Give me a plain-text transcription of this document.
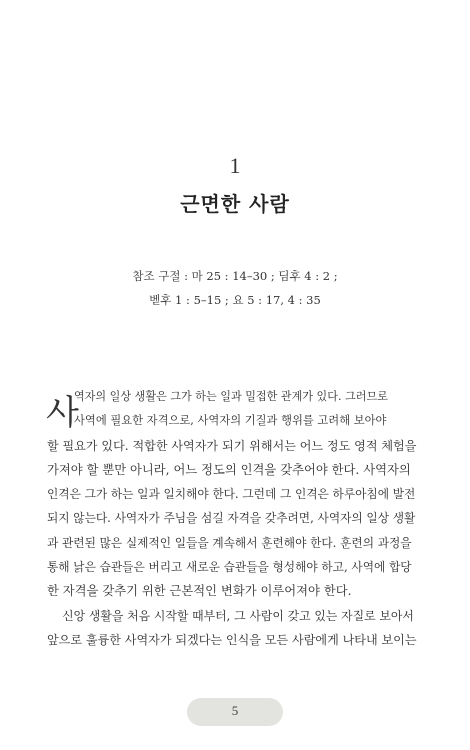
1
근면한 사람
참조 구절 : 마 25 : 14–30 ; 딤후 4 : 2 ;
벧후 1 : 5–15 ; 요 5 : 17, 4 : 35
사
역자의 일상 생활은 그가 하는 일과 밀접한 관계가 있다. 그러므로
사역에 필요한 자격으로, 사역자의 기질과 행위를 고려해 보아야
할 필요가 있다. 적합한 사역자가 되기 위해서는 어느 정도 영적 체험을
가져야 할 뿐만 아니라, 어느 정도의 인격을 갖추어야 한다. 사역자의
인격은 그가 하는 일과 일치해야 한다. 그런데 그 인격은 하루아침에 발전
되지 않는다. 사역자가 주님을 섬길 자격을 갖추려면, 사역자의 일상 생활
과 관련된 많은 실제적인 일들을 계속해서 훈련해야 한다. 훈련의 과정을
통해 낡은 습관들은 버리고 새로운 습관들을 형성해야 하고, 사역에 합당
한 자격을 갖추기 위한 근본적인 변화가 이루어져야 한다.
신앙 생활을 처음 시작할 때부터, 그 사람이 갖고 있는 자질로 보아서
앞으로 훌륭한 사역자가 되겠다는 인식을 모든 사람에게 나타내 보이는
5
